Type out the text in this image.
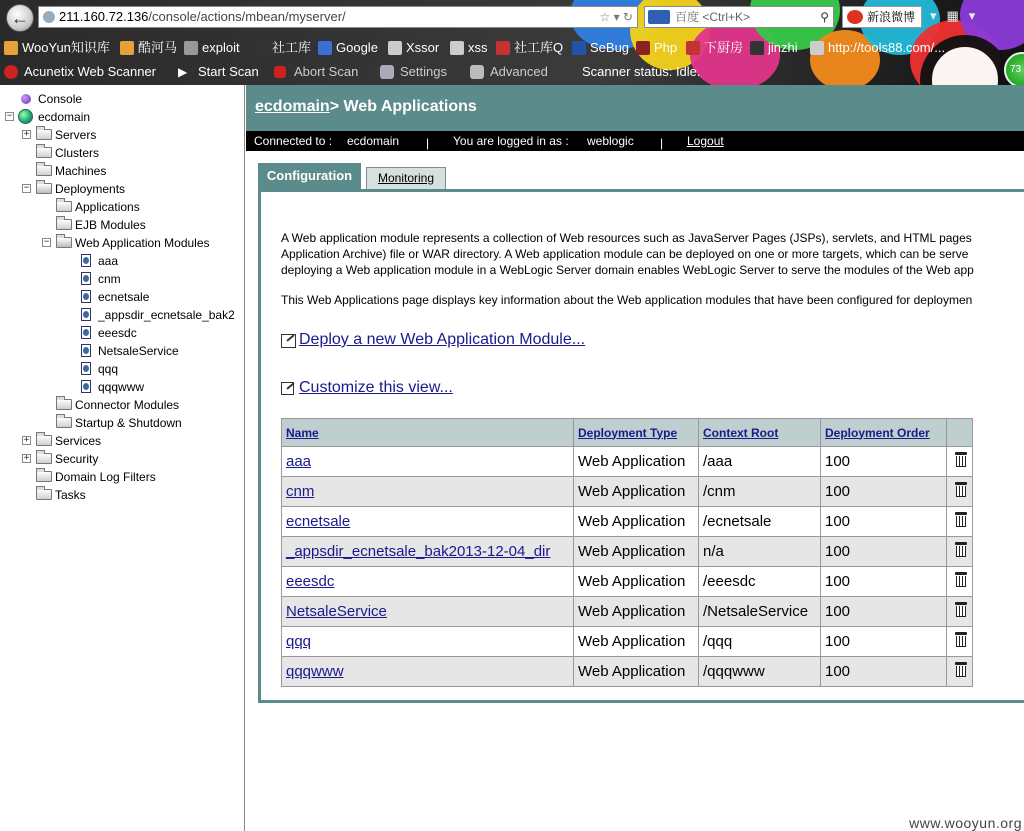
←	211.160.72.136/console/actions/mbean/myserver/	☆ ▾ ↻	百度 <Ctrl+K>	⚲	新浪微博	▾▦▾
WooYun知识库	酷河马	exploit	社工库	Google	Xssor	xss	社工库Q	SeBug	Php	下厨房	jinzhi	http://tools88.com/...
Acunetix Web Scanner ▶ Start Scan	Abort Scan	Settings	Advanced	Scanner status: Idle.	73
Console
− ecdomain
+ Servers
Clusters
Machines
− Deployments
Applications
EJB Modules
− Web Application Modules
aaa
cnm
ecnetsale
_appsdir_ecnetsale_bak2
eeesdc
NetsaleService
qqq
qqqwww
Connector Modules
Startup & Shutdown
+ Services
+ Security
Domain Log Filters
Tasks
ecdomain> Web Applications
Connected to : ecdomain | You are logged in as : weblogic | Logout
Configuration	Monitoring
A Web application module represents a collection of Web resources such as JavaServer Pages (JSPs), servlets, and HTML pages
Application Archive) file or WAR directory. A Web application module can be deployed on one or more targets, which can be serve
deploying a Web application module in a WebLogic Server domain enables WebLogic Server to serve the modules of the Web app
This Web Applications page displays key information about the Web application modules that have been configured for deploymen
Deploy a new Web Application Module...
Customize this view...
Name	Deployment Type	Context Root	Deployment Order	
aaa	Web Application	/aaa	100	
cnm	Web Application	/cnm	100	
ecnetsale	Web Application	/ecnetsale	100	
_appsdir_ecnetsale_bak2013-12-04_dir	Web Application	n/a	100	
eeesdc	Web Application	/eeesdc	100	
NetsaleService	Web Application	/NetsaleService	100	
qqq	Web Application	/qqq	100	
qqqwww	Web Application	/qqqwww	100	
www.wooyun.org
